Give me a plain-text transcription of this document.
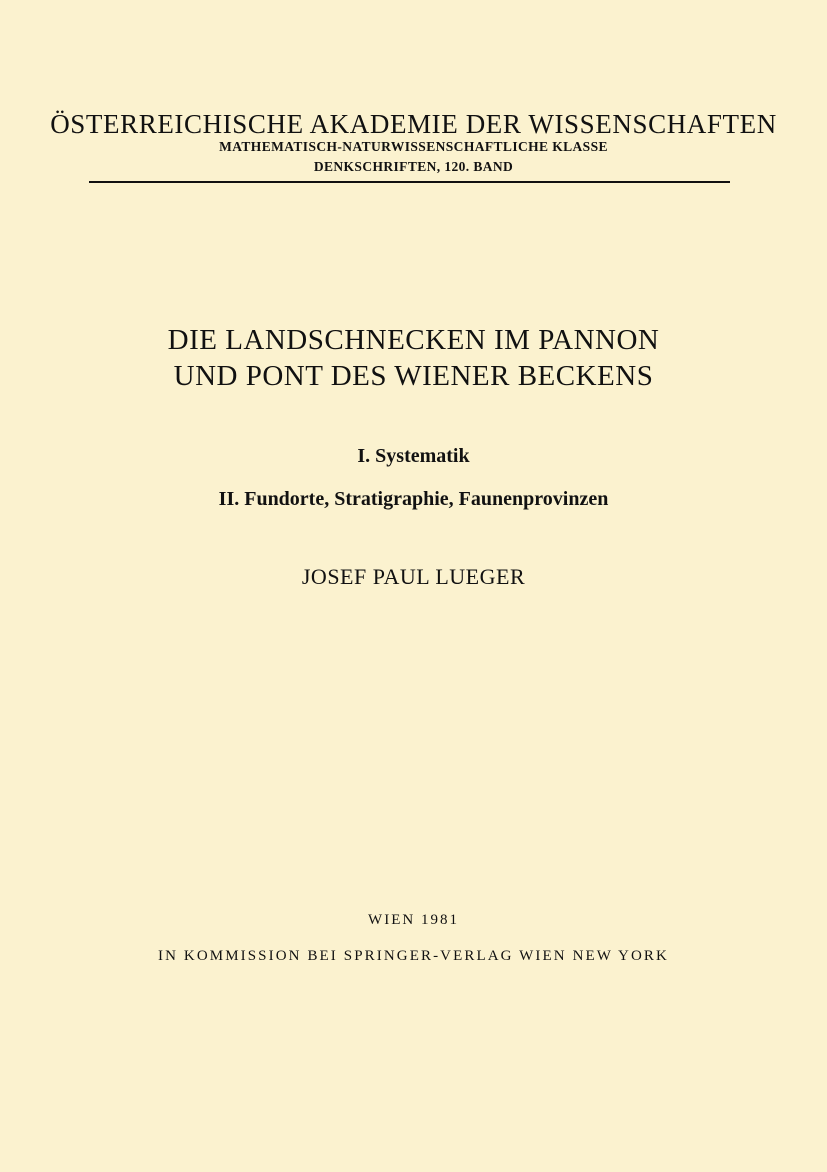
ÖSTERREICHISCHE AKADEMIE DER WISSENSCHAFTEN
MATHEMATISCH-NATURWISSENSCHAFTLICHE KLASSE
DENKSCHRIFTEN, 120. BAND
DIE LANDSCHNECKEN IM PANNON
UND PONT DES WIENER BECKENS
I. Systematik
II. Fundorte, Stratigraphie, Faunenprovinzen
JOSEF PAUL LUEGER
WIEN 1981
IN KOMMISSION BEI SPRINGER-VERLAG WIEN NEW YORK
